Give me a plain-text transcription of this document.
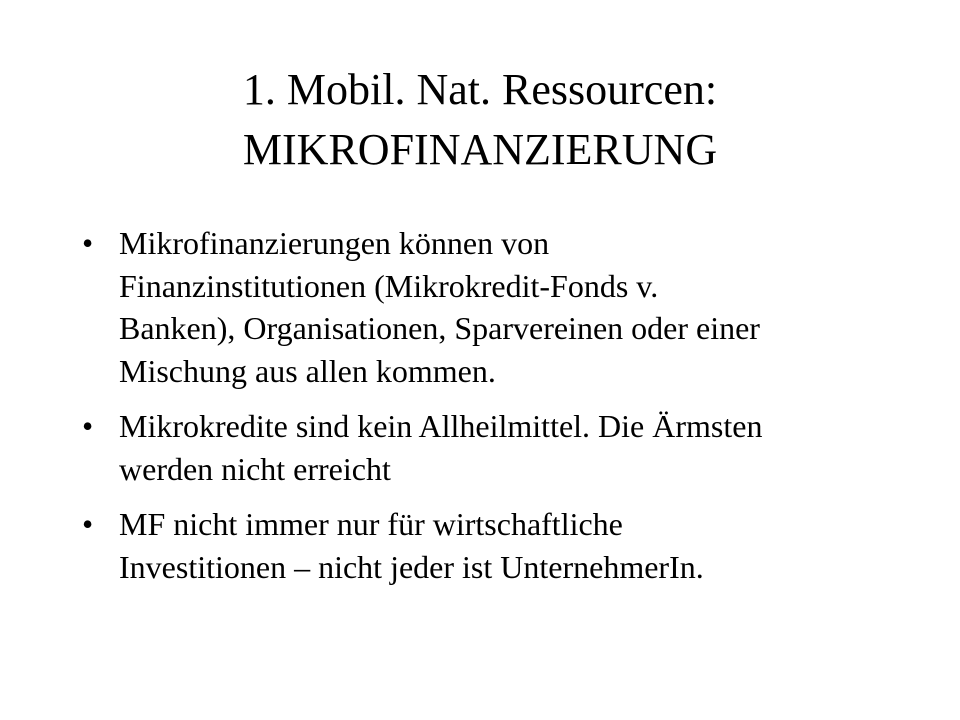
1. Mobil. Nat. Ressourcen:
MIKROFINANZIERUNG
• Mikrofinanzierungen können von
Finanzinstitutionen (Mikrokredit-Fonds v.
Banken), Organisationen, Sparvereinen oder einer
Mischung aus allen kommen.
• Mikrokredite sind kein Allheilmittel. Die Ärmsten
werden nicht erreicht
• MF nicht immer nur für wirtschaftliche
Investitionen – nicht jeder ist UnternehmerIn.
